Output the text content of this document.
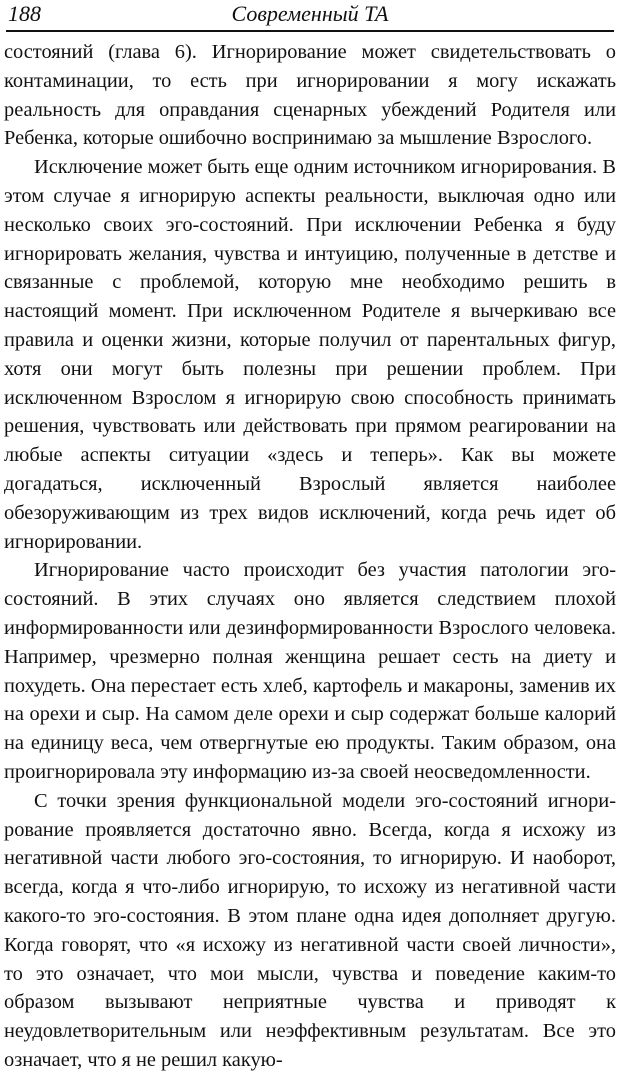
188	Современный ТА

состояний (глава 6). Игнорирование может свидетельствовать о контаминации, то есть при игнорировании я могу искажать реальность для оправдания сценарных убеждений Родителя или Ребенка, которые ошибочно воспринимаю за мышление Взрослого.

Исключение может быть еще одним источником игнорирования. В этом случае я игнорирую аспекты реальности, выключая одно или несколько своих эго-состояний. При исключении Ребенка я буду игнорировать желания, чувства и интуицию, полученные в детстве и связанные с проблемой, которую мне необходимо решить в настоящий момент. При исключенном Родителе я вычеркиваю все правила и оценки жизни, которые получил от парентальных фигур, хотя они могут быть полезны при решении проблем. При исключенном Взрослом я игнорирую свою способность принимать решения, чувствовать или действовать при прямом реагировании на любые аспекты ситуации «здесь и теперь». Как вы можете догадаться, исключенный Взрослый является наиболее обезоруживающим из трех видов исключений, когда речь идет об игнорировании.

Игнорирование часто происходит без участия патологии эго-состояний. В этих случаях оно является следствием плохой информированности или дезинформированности Взрослого человека. Например, чрезмерно полная женщина решает сесть на диету и похудеть. Она перестает есть хлеб, картофель и макароны, заменив их на орехи и сыр. На самом деле орехи и сыр содержат больше калорий на единицу веса, чем отвергнутые ею продукты. Таким образом, она проигнорировала эту информацию из-за своей неосведомленности.

С точки зрения функциональной модели эго-состояний игнорирование проявляется достаточно явно. Всегда, когда я исхожу из негативной части любого эго-состояния, то игнорирую. И наоборот, всегда, когда я что-либо игнорирую, то исхожу из негативной части какого-то эго-состояния. В этом плане одна идея дополняет другую. Когда говорят, что «я исхожу из негативной части своей личности», то это означает, что мои мысли, чувства и поведение каким-то образом вызывают неприятные чувства и приводят к неудовлетворительным или неэффективным результатам. Все это означает, что я не решил какую-
